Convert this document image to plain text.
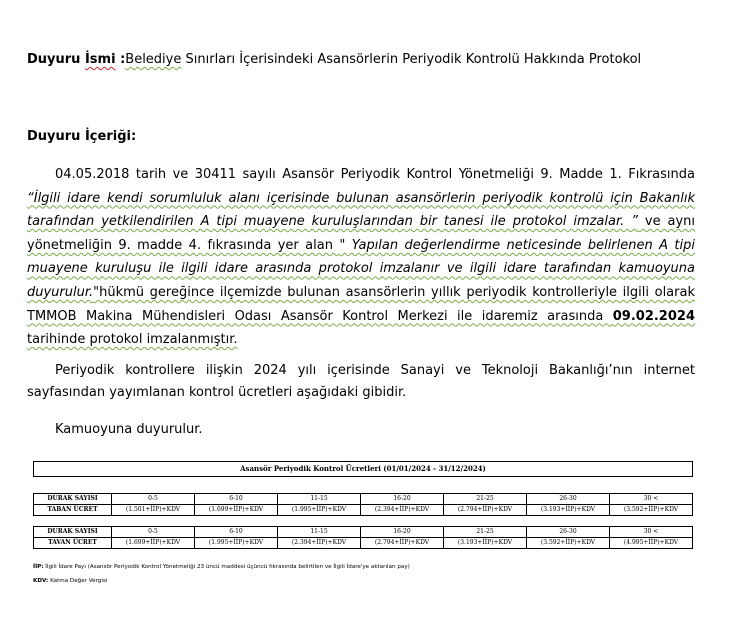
Duyuru İsmi :Belediye Sınırları İçerisindeki Asansörlerin Periyodik Kontrolü Hakkında Protokol
Duyuru İçeriği:
04.05.2018 tarih ve 30411 sayılı Asansör Periyodik Kontrol Yönetmeliği 9. Madde 1. Fıkrasında “İlgili idare kendi sorumluluk alanı içerisinde bulunan asansörlerin periyodik kontrolü için Bakanlık tarafından yetkilendirilen A tipi muayene kuruluşlarından bir tanesi ile protokol imzalar. ” ve aynı yönetmeliğin 9. madde 4. fıkrasında yer alan " Yapılan değerlendirme neticesinde belirlenen A tipi muayene kuruluşu ile ilgili idare arasında protokol imzalanır ve ilgili idare tarafından kamuoyuna duyurulur."hükmü gereğince ilçemizde bulunan asansörlerin yıllık periyodik kontrolleriyle ilgili olarak TMMOB Makina Mühendisleri Odası Asansör Kontrol Merkezi ile idaremiz arasında 09.02.2024 tarihinde protokol imzalanmıştır.
Periyodik kontrollere ilişkin 2024 yılı içerisinde Sanayi ve Teknoloji Bakanlığı’nın internet sayfasından yayımlanan kontrol ücretleri aşağıdaki gibidir.
Kamuoyuna duyurulur.
Asansör Periyodik Kontrol Ücretleri (01/01/2024 - 31/12/2024)
DURAK SAYISI	0-5	6-10	11-15	16-20	21-25	26-30	30 <
TABAN ÜCRET	(1.501+İİP)+KDV	(1.699+İİP)+KDV	(1.995+İİP)+KDV	(2.394+İİP)+KDV	(2.794+İİP)+KDV	(3.193+İİP)+KDV	(3.592+İİP)+KDV
DURAK SAYISI	0-5	6-10	11-15	16-20	21-25	26-30	30 <
TAVAN ÜCRET	(1.699+İİP)+KDV	(1.995+İİP)+KDV	(2.394+İİP)+KDV	(2.794+İİP)+KDV	(3.193+İİP)+KDV	(3.592+İİP)+KDV	(4.995+İİP)+KDV
İİP: İlgili İdare Payı (Asansör Periyodik Kontrol Yönetmeliği 23 üncü maddesi üçüncü fıkrasında belirtilen ve İlgili İdare'ye aktarılan pay)
KDV: Katma Değer Vergisi
